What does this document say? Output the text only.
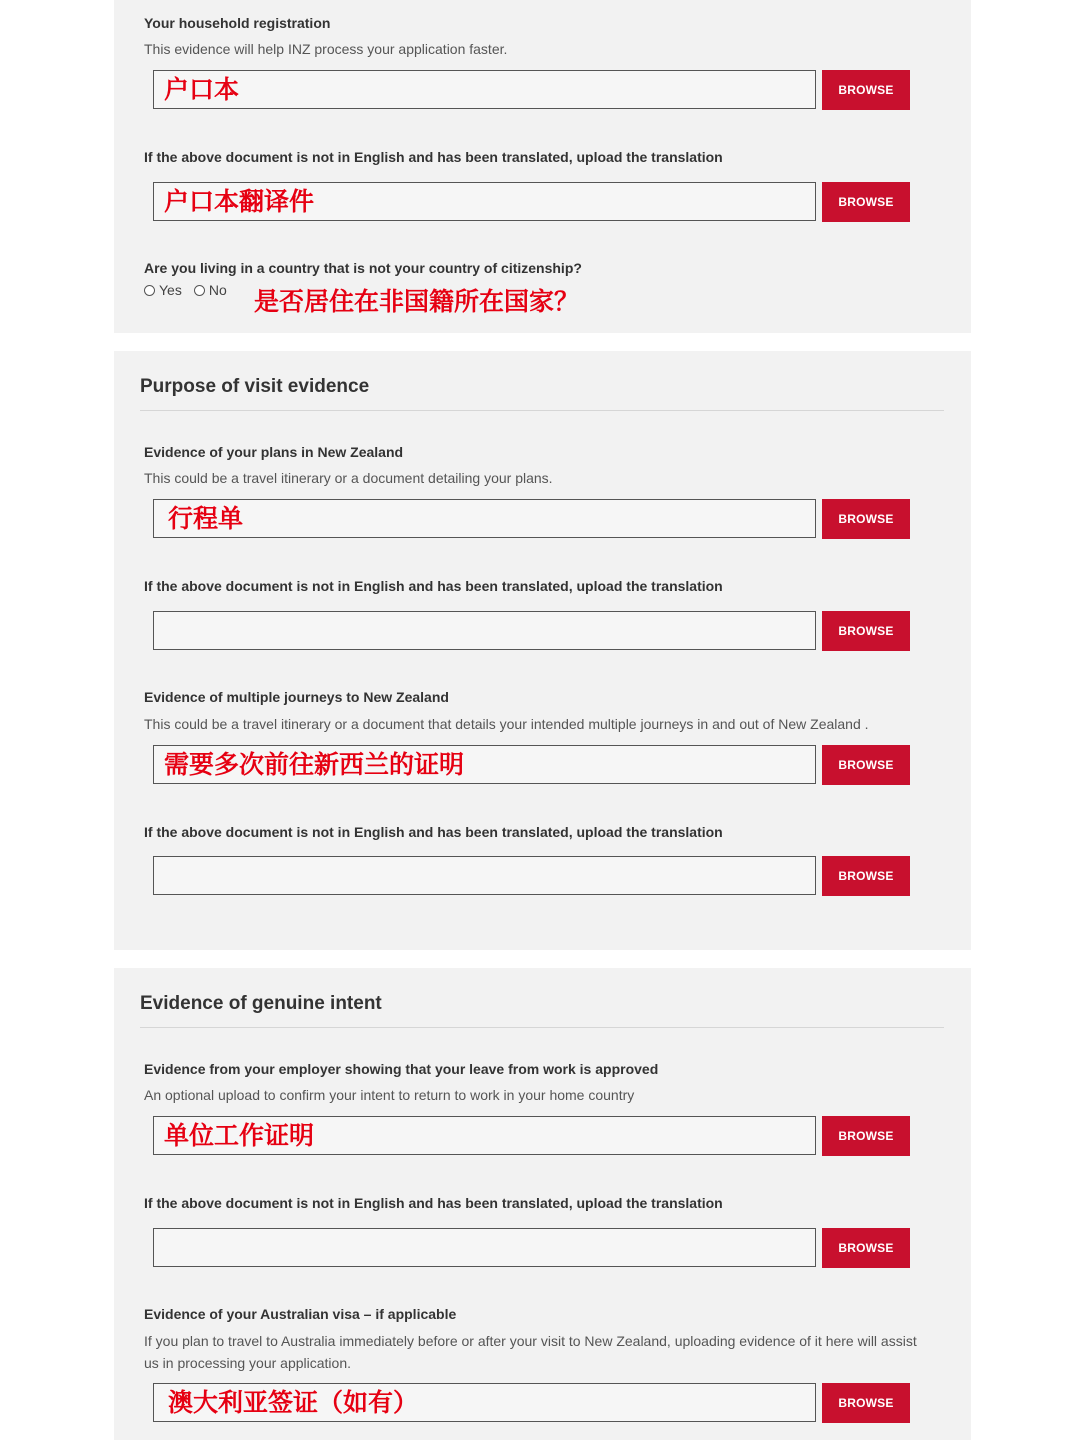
Your household registration
This evidence will help INZ process your application faster.
户口本	BROWSE
If the above document is not in English and has been translated, upload the translation
户口本翻译件	BROWSE
Are you living in a country that is not your country of citizenship?
Yes No 是否居住在非国籍所在国家？
Purpose of visit evidence
Evidence of your plans in New Zealand
This could be a travel itinerary or a document detailing your plans.
行程单	BROWSE
If the above document is not in English and has been translated, upload the translation
BROWSE
Evidence of multiple journeys to New Zealand
This could be a travel itinerary or a document that details your intended multiple journeys in and out of New Zealand .
需要多次前往新西兰的证明	BROWSE
If the above document is not in English and has been translated, upload the translation
BROWSE
Evidence of genuine intent
Evidence from your employer showing that your leave from work is approved
An optional upload to confirm your intent to return to work in your home country
单位工作证明	BROWSE
If the above document is not in English and has been translated, upload the translation
BROWSE
Evidence of your Australian visa – if applicable
If you plan to travel to Australia immediately before or after your visit to New Zealand, uploading evidence of it here will assist us in processing your application.
澳大利亚签证（如有）	BROWSE
